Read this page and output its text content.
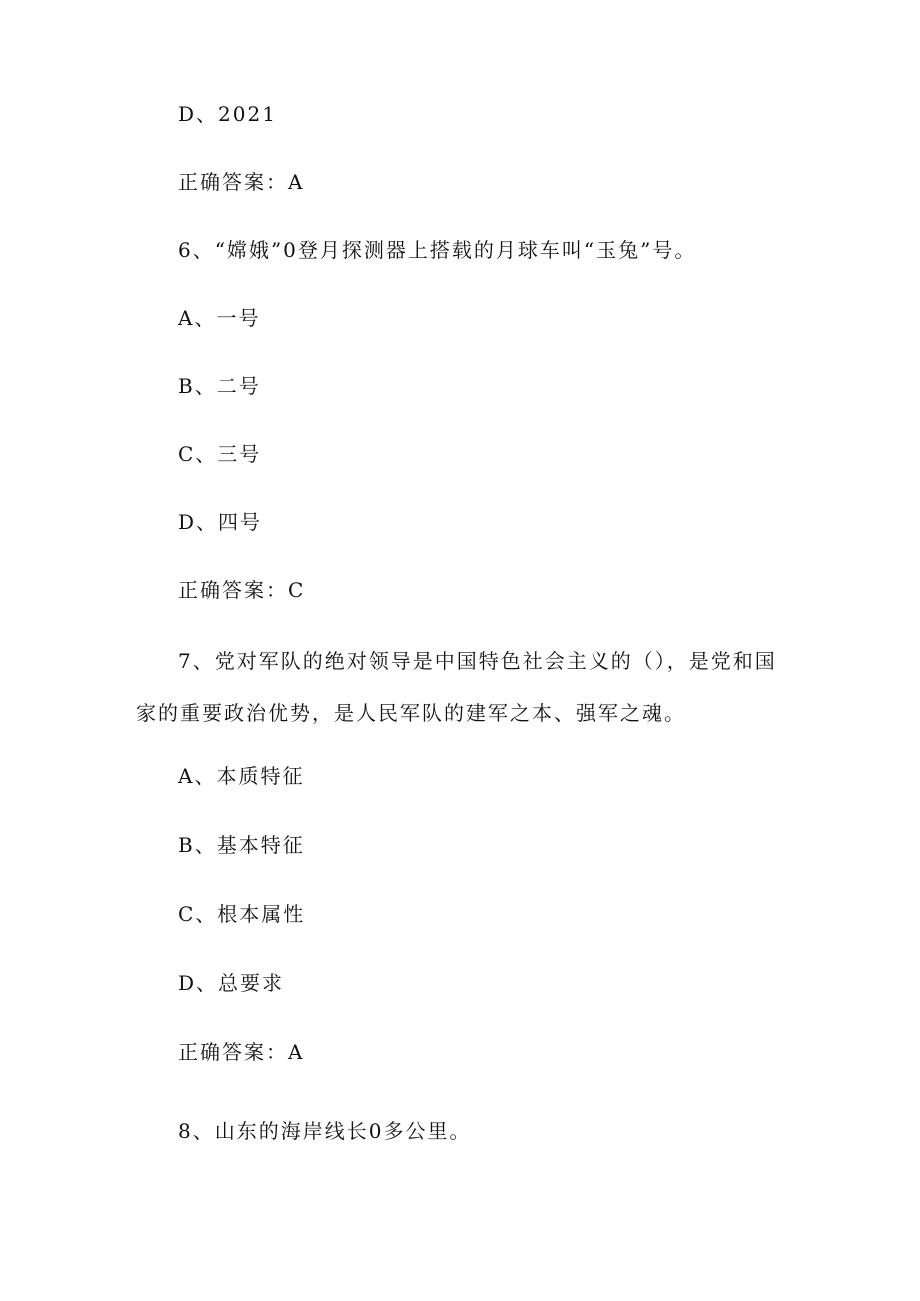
D、2021
正确答案：A
6、“嫦娥”0登月探测器上搭载的月球车叫“玉兔”号。
A、一号
B、二号
C、三号
D、四号
正确答案：C
7、党对军队的绝对领导是中国特色社会主义的（），是党和国家的重要政治优势，是人民军队的建军之本、强军之魂。
A、本质特征
B、基本特征
C、根本属性
D、总要求
正确答案：A
8、山东的海岸线长0多公里。
